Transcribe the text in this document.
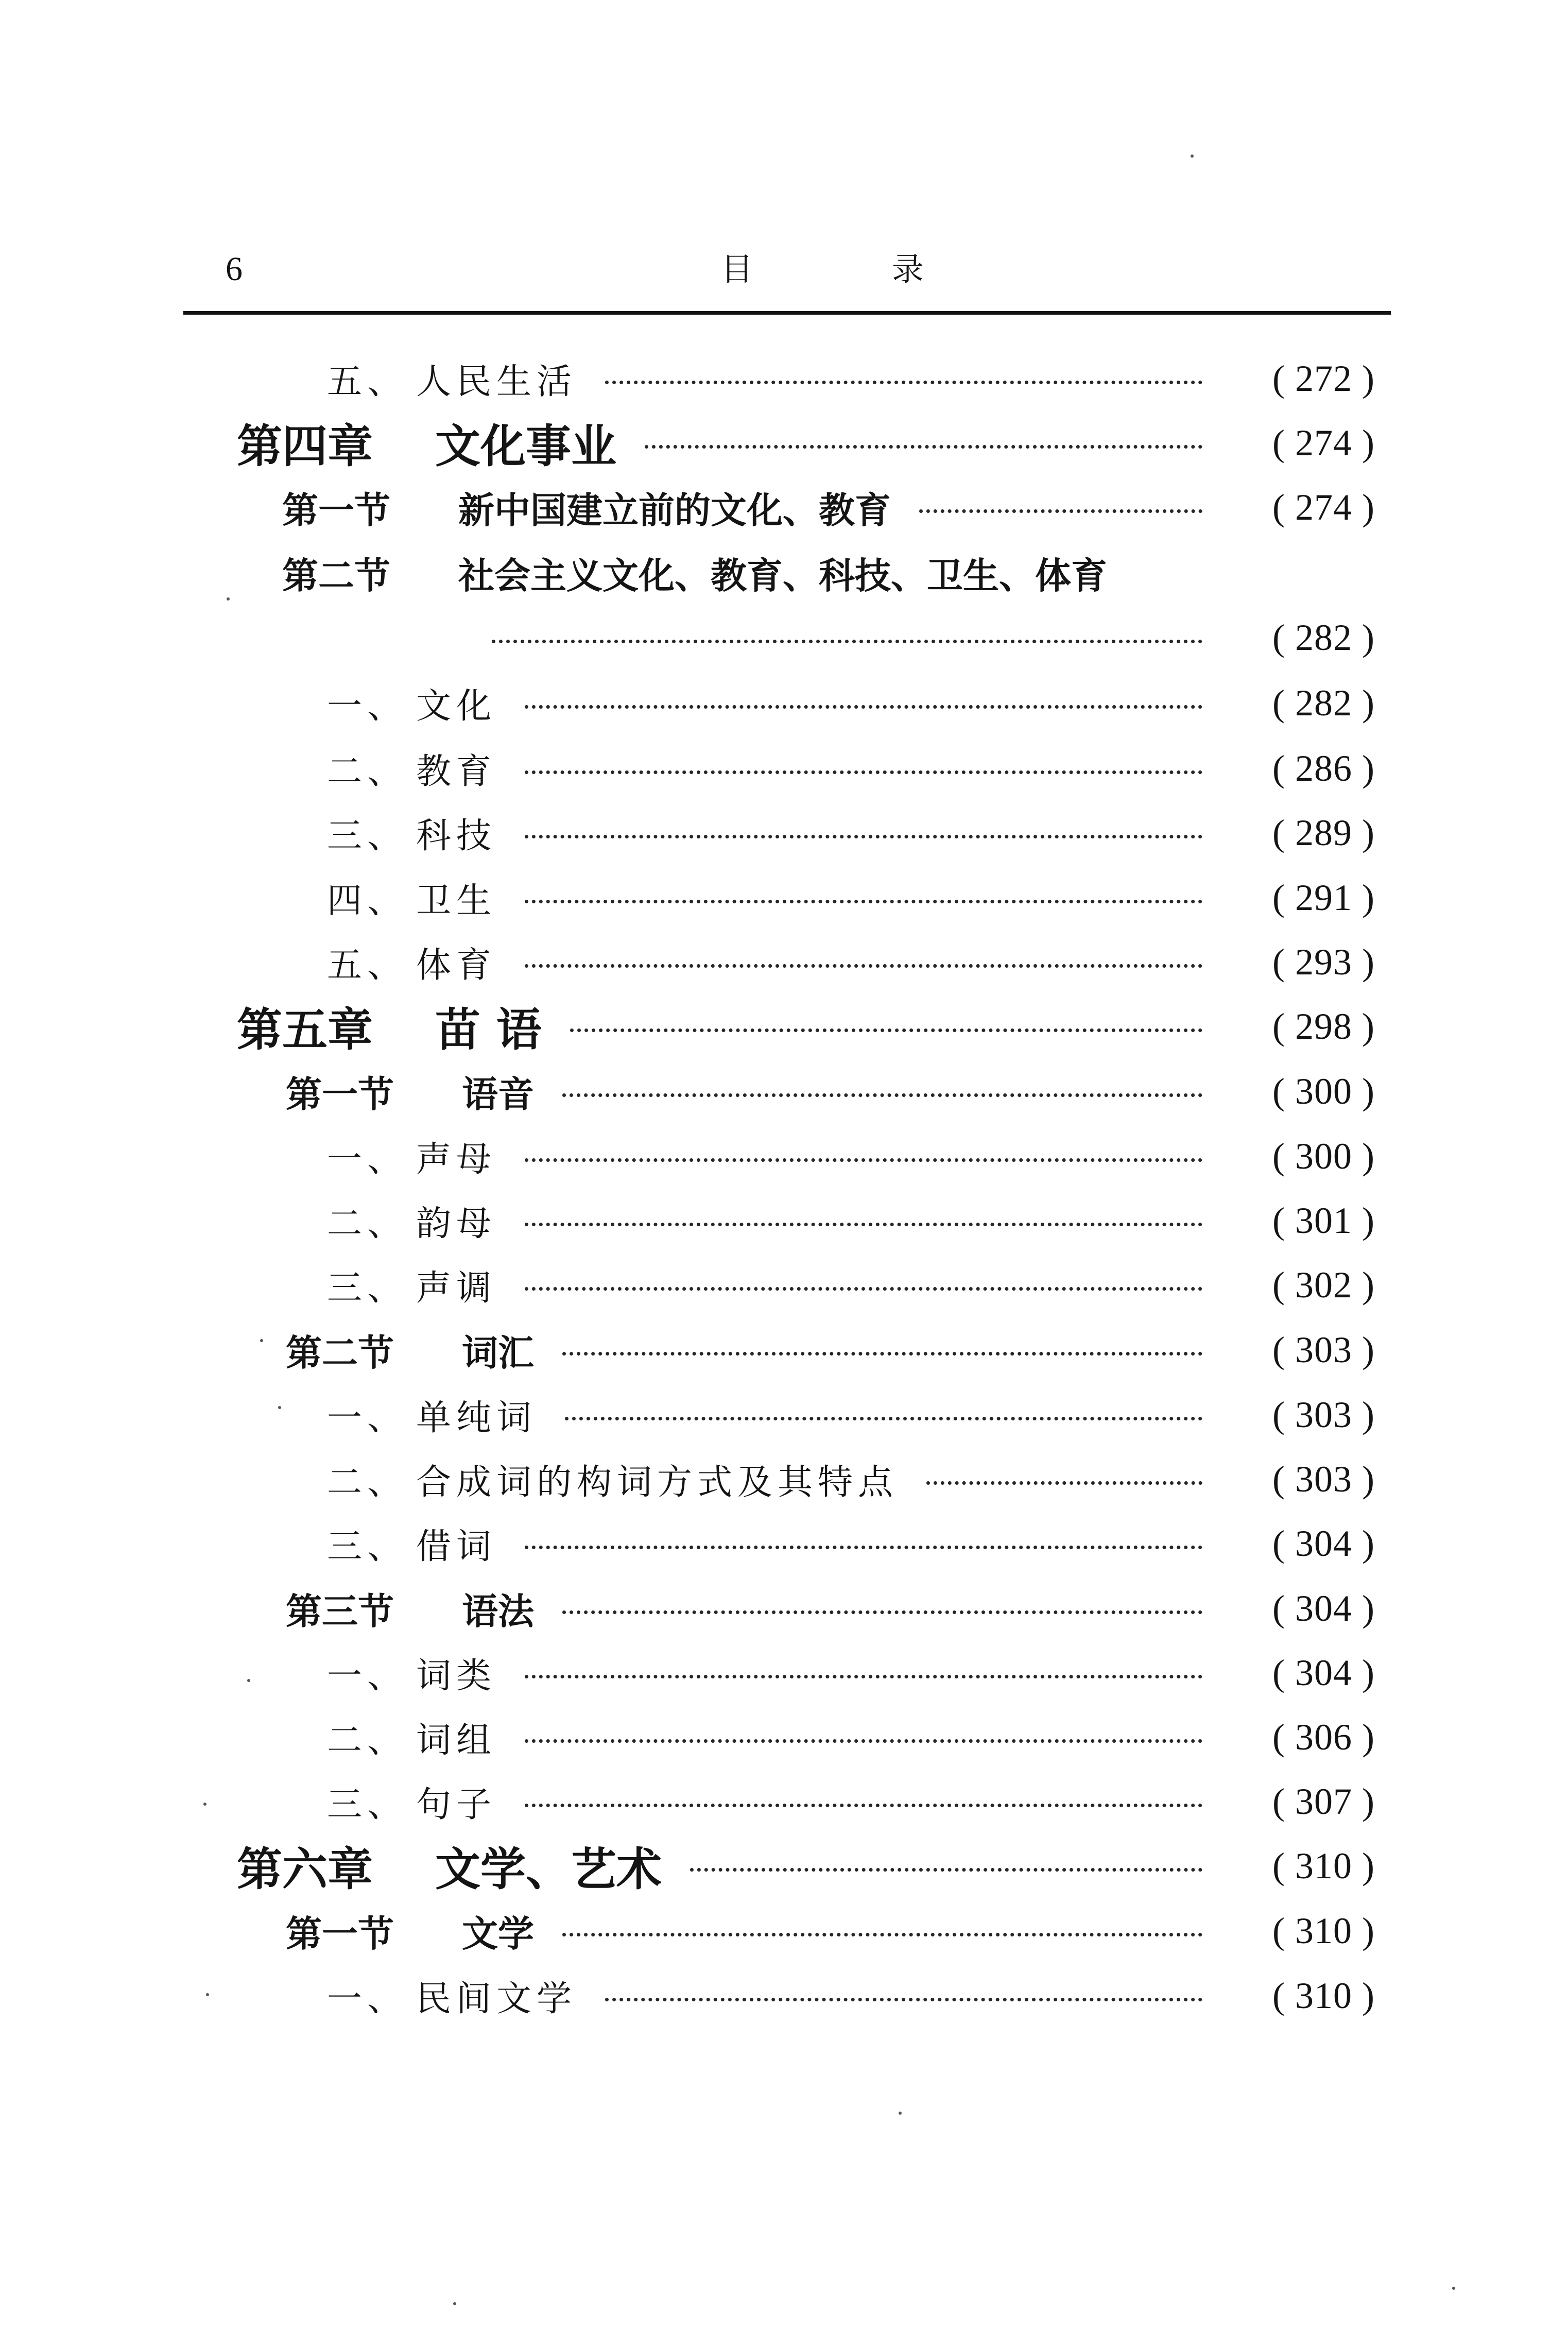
6	目 录
五、 人民生活	( 272 )
第四章	文化事业	( 274 )
第一节	新中国建立前的文化、教育	( 274 )
第二节	社会主义文化、教育、科技、卫生、体育
( 282 )
一、 文化	( 282 )
二、 教育	( 286 )
三、 科技	( 289 )
四、 卫生	( 291 )
五、 体育	( 293 )
第五章	苗 语	( 298 )
第一节	语音	( 300 )
一、 声母	( 300 )
二、 韵母	( 301 )
三、 声调	( 302 )
第二节	词汇	( 303 )
一、 单纯词	( 303 )
二、 合成词的构词方式及其特点	( 303 )
三、 借词	( 304 )
第三节	语法	( 304 )
一、 词类	( 304 )
二、 词组	( 306 )
三、 句子	( 307 )
第六章	文学、艺术	( 310 )
第一节	文学	( 310 )
一、 民间文学	( 310 )
